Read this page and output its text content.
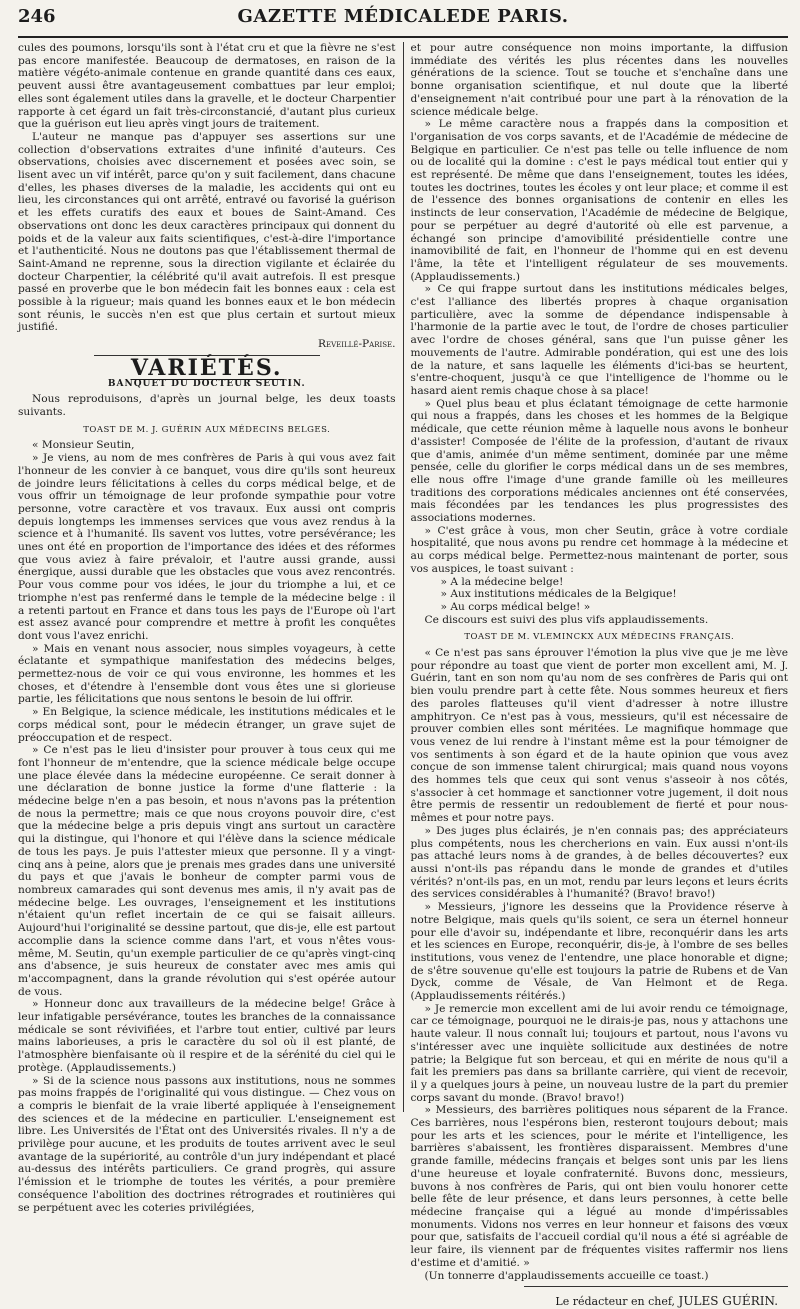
246	GAZETTE MÉDICALEDE PARIS.

cules des poumons, lorsqu'ils sont à l'état cru et que la fièvre ne s'est pas encore manifestée. Beaucoup de dermatoses, en raison de la matière végéto-animale contenue en grande quantité dans ces eaux, peuvent aussi être avantageusement combattues par leur emploi; elles sont également utiles dans la gravelle, et le docteur Charpentier rapporte à cet égard un fait très-circonstancié, d'autant plus curieux que la guérison eut lieu après vingt jours de traitement.

L'auteur ne manque pas d'appuyer ses assertions sur une collection d'observations extraites d'une infinité d'auteurs. Ces observations, choisies avec discernement et posées avec soin, se lisent avec un vif intérêt, parce qu'on y suit facilement, dans chacune d'elles, les phases diverses de la maladie, les accidents qui ont eu lieu, les circonstances qui ont arrêté, entravé ou favorisé la guérison et les effets curatifs des eaux et boues de Saint-Amand. Ces observations ont donc les deux caractères principaux qui donnent du poids et de la valeur aux faits scientifiques, c'est-à-dire l'importance et l'authenticité. Nous ne doutons pas que l'établissement thermal de Saint-Amand ne reprenne, sous la direction vigilante et éclairée du docteur Charpentier, la célébrité qu'il avait autrefois. Il est presque passé en proverbe que le bon médecin fait les bonnes eaux : cela est possible à la rigueur; mais quand les bonnes eaux et le bon médecin sont réunis, le succès n'en est que plus certain et surtout mieux justifié.

Reveillé-Parise.
VARIÉTÉS.
BANQUET DU DOCTEUR SEUTIN.

Nous reproduisons, d'après un journal belge, les deux toasts suivants.

TOAST DE M. J. GUÉRIN AUX MÉDECINS BELGES.

« Monsieur Seutin,

» Je viens, au nom de mes confrères de Paris à qui vous avez fait l'honneur de les convier à ce banquet, vous dire qu'ils sont heureux de joindre leurs félicitations à celles du corps médical belge, et de vous offrir un témoignage de leur profonde sympathie pour votre personne, votre caractère et vos travaux. Eux aussi ont compris depuis longtemps les immenses services que vous avez rendus à la science et à l'humanité. Ils savent vos luttes, votre persévérance; les unes ont été en proportion de l'importance des idées et des réformes que vous aviez à faire prévaloir, et l'autre aussi grande, aussi énergique, aussi durable que les obstacles que vous avez rencontrés. Pour vous comme pour vos idées, le jour du triomphe a lui, et ce triomphe n'est pas renfermé dans le temple de la médecine belge : il a retenti partout en France et dans tous les pays de l'Europe où l'art est assez avancé pour comprendre et mettre à profit les conquêtes dont vous l'avez enrichi.

» Mais en venant nous associer, nous simples voyageurs, à cette éclatante et sympathique manifestation des médecins belges, permettez-nous de voir ce qui vous environne, les hommes et les choses, et d'étendre à l'ensemble dont vous êtes une si glorieuse partie, les félicitations que nous sentons le besoin de lui offrir.

» En Belgique, la science médicale, les institutions médicales et le corps médical sont, pour le médecin étranger, un grave sujet de préoccupation et de respect.

» Ce n'est pas le lieu d'insister pour prouver à tous ceux qui me font l'honneur de m'entendre, que la science médicale belge occupe une place élevée dans la médecine européenne. Ce serait donner à une déclaration de bonne justice la forme d'une flatterie : la médecine belge n'en a pas besoin, et nous n'avons pas la prétention de nous la permettre; mais ce que nous croyons pouvoir dire, c'est que la médecine belge a pris depuis vingt ans surtout un caractère qui la distingue, qui l'honore et qui l'élève dans la science médicale de tous les pays. Je puis l'attester mieux que personne. Il y a vingt-cinq ans à peine, alors que je prenais mes grades dans une université du pays et que j'avais le bonheur de compter parmi vous de nombreux camarades qui sont devenus mes amis, il n'y avait pas de médecine belge. Les ouvrages, l'enseignement et les institutions n'étaient qu'un reflet incertain de ce qui se faisait ailleurs. Aujourd'hui l'originalité se dessine partout, que dis-je, elle est partout accomplie dans la science comme dans l'art, et vous n'êtes vous-même, M. Seutin, qu'un exemple particulier de ce qu'après vingt-cinq ans d'absence, je suis heureux de constater avec mes amis qui m'accompagnent, dans la grande révolution qui s'est opérée autour de vous.

» Honneur donc aux travailleurs de la médecine belge! Grâce à leur infatigable persévérance, toutes les branches de la connaissance médicale se sont révivifiées, et l'arbre tout entier, cultivé par leurs mains laborieuses, a pris le caractère du sol où il est planté, de l'atmosphère bienfaisante où il respire et de la sérénité du ciel qui le protège. (Applaudissements.)

» Si de la science nous passons aux institutions, nous ne sommes pas moins frappés de l'originalité qui vous distingue. — Chez vous on a compris le bienfait de la vraie liberté appliquée à l'enseignement des sciences et de la médecine en particulier. L'enseignement est libre. Les Universités de l'État ont des Universités rivales. Il n'y a de privilège pour aucune, et les produits de toutes arrivent avec le seul avantage de la supériorité, au contrôle d'un jury indépendant et placé au-dessus des intérêts particuliers. Ce grand progrès, qui assure l'émission et le triomphe de toutes les vérités, a pour première conséquence l'abolition des doctrines rétrogrades et routinières qui se perpétuent avec les coteries privilégiées,

et pour autre conséquence non moins importante, la diffusion immédiate des vérités les plus récentes dans les nouvelles générations de la science. Tout se touche et s'enchaîne dans une bonne organisation scientifique, et nul doute que la liberté d'enseignement n'ait contribué pour une part à la rénovation de la science médicale belge.

» Le même caractère nous a frappés dans la composition et l'organisation de vos corps savants, et de l'Académie de médecine de Belgique en particulier. Ce n'est pas telle ou telle influence de nom ou de localité qui la domine : c'est le pays médical tout entier qui y est représenté. De même que dans l'enseignement, toutes les idées, toutes les doctrines, toutes les écoles y ont leur place; et comme il est de l'essence des bonnes organisations de contenir en elles les instincts de leur conservation, l'Académie de médecine de Belgique, pour se perpétuer au degré d'autorité où elle est parvenue, a échangé son principe d'amovibilité présidentielle contre une inamovibilité de fait, en l'honneur de l'homme qui en est devenu l'âme, la tête et l'intelligent régulateur de ses mouvements. (Applaudissements.)

» Ce qui frappe surtout dans les institutions médicales belges, c'est l'alliance des libertés propres à chaque organisation particulière, avec la somme de dépendance indispensable à l'harmonie de la partie avec le tout, de l'ordre de choses particulier avec l'ordre de choses général, sans que l'un puisse gêner les mouvements de l'autre. Admirable pondération, qui est une des lois de la nature, et sans laquelle les éléments d'ici-bas se heurtent, s'entre-choquent, jusqu'à ce que l'intelligence de l'homme ou le hasard aient remis chaque chose à sa place!

» Quel plus beau et plus éclatant témoignage de cette harmonie qui nous a frappés, dans les choses et les hommes de la Belgique médicale, que cette réunion même à laquelle nous avons le bonheur d'assister! Composée de l'élite de la profession, d'autant de rivaux que d'amis, animée d'un même sentiment, dominée par une même pensée, celle du glorifier le corps médical dans un de ses membres, elle nous offre l'image d'une grande famille où les meilleures traditions des corporations médicales anciennes ont été conservées, mais fécondées par les tendances les plus progressistes des associations modernes.

» C'est grâce à vous, mon cher Seutin, grâce à votre cordiale hospitalité, que nous avons pu rendre cet hommage à la médecine et au corps médical belge. Permettez-nous maintenant de porter, sous vos auspices, le toast suivant :

» A la médecine belge!
» Aux institutions médicales de la Belgique!
» Au corps médical belge! »

Ce discours est suivi des plus vifs applaudissements.

TOAST DE M. VLEMINCKX AUX MÉDECINS FRANÇAIS.

« Ce n'est pas sans éprouver l'émotion la plus vive que je me lève pour répondre au toast que vient de porter mon excellent ami, M. J. Guérin, tant en son nom qu'au nom de ses confrères de Paris qui ont bien voulu prendre part à cette fête. Nous sommes heureux et fiers des paroles flatteuses qu'il vient d'adresser à notre illustre amphitryon. Ce n'est pas à vous, messieurs, qu'il est nécessaire de prouver combien elles sont méritées. Le magnifique hommage que vous venez de lui rendre à l'instant même est la pour témoigner de vos sentiments à son égard et de la haute opinion que vous avez conçue de son immense talent chirurgical; mais quand nous voyons des hommes tels que ceux qui sont venus s'asseoir à nos côtés, s'associer à cet hommage et sanctionner votre jugement, il doit nous être permis de ressentir un redoublement de fierté et pour nous-mêmes et pour notre pays.

» Des juges plus éclairés, je n'en connais pas; des appréciateurs plus compétents, nous les chercherions en vain. Eux aussi n'ont-ils pas attaché leurs noms à de grandes, à de belles découvertes? eux aussi n'ont-ils pas répandu dans le monde de grandes et d'utiles vérités? n'ont-ils pas, en un mot, rendu par leurs leçons et leurs écrits des services considérables à l'humanité? (Bravo! bravo!)

» Messieurs, j'ignore les desseins que la Providence réserve à notre Belgique, mais quels qu'ils soient, ce sera un éternel honneur pour elle d'avoir su, indépendante et libre, reconquérir dans les arts et les sciences en Europe, reconquérir, dis-je, à l'ombre de ses belles institutions, vous venez de l'entendre, une place honorable et digne; de s'être souvenue qu'elle est toujours la patrie de Rubens et de Van Dyck, comme de Vésale, de Van Helmont et de Rega. (Applaudissements réitérés.)

» Je remercie mon excellent ami de lui avoir rendu ce témoignage, car ce témoignage, pourquoi ne le dirais-je pas, nous y attachons une haute valeur. Il nous connaît lui; toujours et partout, nous l'avons vu s'intéresser avec une inquiète sollicitude aux destinées de notre patrie; la Belgique fut son berceau, et qui en mérite de nous qu'il a fait les premiers pas dans sa brillante carrière, qui vient de recevoir, il y a quelques jours à peine, un nouveau lustre de la part du premier corps savant du monde. (Bravo! bravo!)

» Messieurs, des barrières politiques nous séparent de la France. Ces barrières, nous l'espérons bien, resteront toujours debout; mais pour les arts et les sciences, pour le mérite et l'intelligence, les barrières s'abaissent, les frontières disparaissent. Membres d'une grande famille, médecins français et belges sont unis par les liens d'une heureuse et loyale confraternité. Buvons donc, messieurs, buvons à nos confrères de Paris, qui ont bien voulu honorer cette belle fête de leur présence, et dans leurs personnes, à cette belle médecine française qui a légué au monde d'impérissables monuments. Vidons nos verres en leur honneur et faisons des vœux pour que, satisfaits de l'accueil cordial qu'il nous a été si agréable de leur faire, ils viennent par de fréquentes visites raffermir nos liens d'estime et d'amitié. »

(Un tonnerre d'applaudissements accueille ce toast.)

Le rédacteur en chef, JULES GUÉRIN.
